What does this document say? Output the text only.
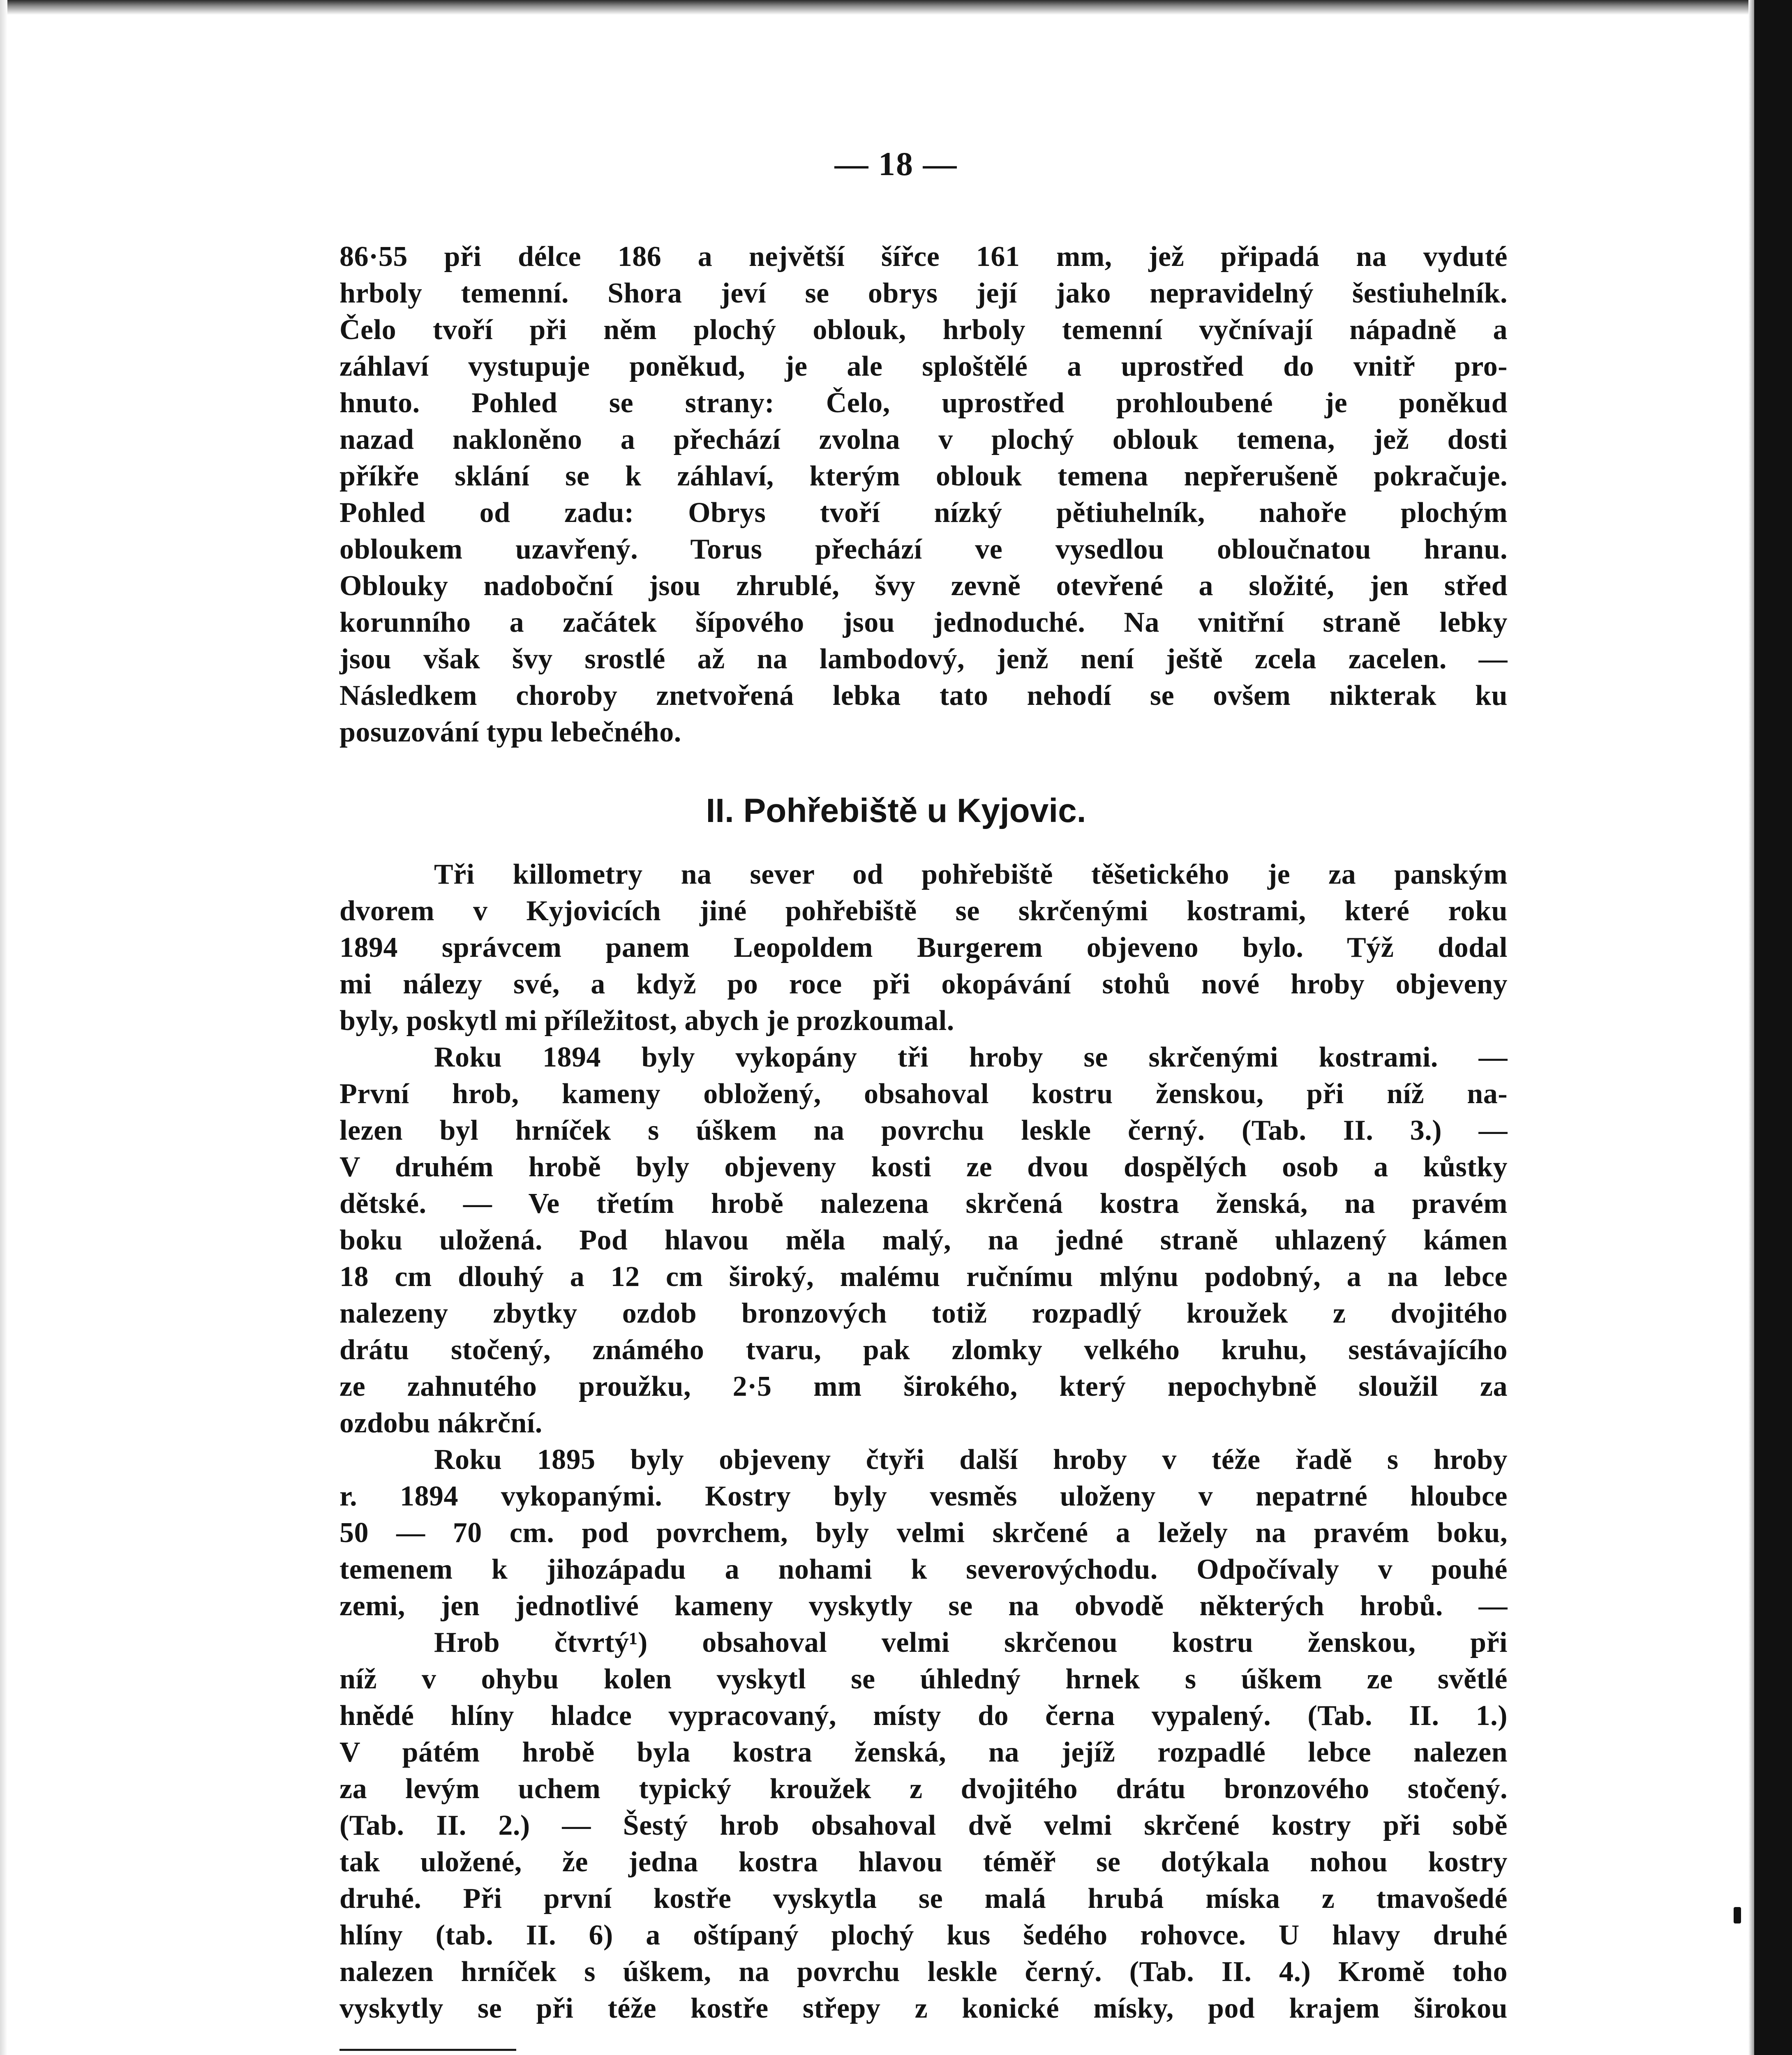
— 18 —
86·55 při délce 186 a největší šířce 161 mm, jež připadá na vyduté
hrboly temenní. Shora jeví se obrys její jako nepravidelný šestiuhelník.
Čelo tvoří při něm plochý oblouk, hrboly temenní vyčnívají nápadně a
záhlaví vystupuje poněkud, je ale sploštělé a uprostřed do vnitř pro-
hnuto. Pohled se strany: Čelo, uprostřed prohloubené je poněkud
nazad nakloněno a přechází zvolna v plochý oblouk temena, jež dosti
příkře sklání se k záhlaví, kterým oblouk temena nepřerušeně pokračuje.
Pohled od zadu: Obrys tvoří nízký pětiuhelník, nahoře plochým
obloukem uzavřený. Torus přechází ve vysedlou obloučnatou hranu.
Oblouky nadoboční jsou zhrublé, švy zevně otevřené a složité, jen střed
korunního a začátek šípového jsou jednoduché. Na vnitřní straně lebky
jsou však švy srostlé až na lambodový, jenž není ještě zcela zacelen. —
Následkem choroby znetvořená lebka tato nehodí se ovšem nikterak ku
posuzování typu lebečného.
II. Pohřebiště u Kyjovic.
Tři killometry na sever od pohřebiště těšetického je za panským
dvorem v Kyjovicích jiné pohřebiště se skrčenými kostrami, které roku
1894 správcem panem Leopoldem Burgerem objeveno bylo. Týž dodal
mi nálezy své, a když po roce při okopávání stohů nové hroby objeveny
byly, poskytl mi příležitost, abych je prozkoumal.
Roku 1894 byly vykopány tři hroby se skrčenými kostrami. —
První hrob, kameny obložený, obsahoval kostru ženskou, při níž na-
lezen byl hrníček s úškem na povrchu leskle černý. (Tab. II. 3.) —
V druhém hrobě byly objeveny kosti ze dvou dospělých osob a kůstky
dětské. — Ve třetím hrobě nalezena skrčená kostra ženská, na pravém
boku uložená. Pod hlavou měla malý, na jedné straně uhlazený kámen
18 cm dlouhý a 12 cm široký, malému ručnímu mlýnu podobný, a na lebce
nalezeny zbytky ozdob bronzových totiž rozpadlý kroužek z dvojitého
drátu stočený, známého tvaru, pak zlomky velkého kruhu, sestávajícího
ze zahnutého proužku, 2·5 mm širokého, který nepochybně sloužil za
ozdobu nákrční.
Roku 1895 byly objeveny čtyři další hroby v téže řadě s hroby
r. 1894 vykopanými. Kostry byly vesměs uloženy v nepatrné hloubce
50 — 70 cm. pod povrchem, byly velmi skrčené a ležely na pravém boku,
temenem k jihozápadu a nohami k severovýchodu. Odpočívaly v pouhé
zemi, jen jednotlivé kameny vyskytly se na obvodě některých hrobů. —
Hrob čtvrtý¹) obsahoval velmi skrčenou kostru ženskou, při
níž v ohybu kolen vyskytl se úhledný hrnek s úškem ze světlé
hnědé hlíny hladce vypracovaný, místy do černa vypalený. (Tab. II. 1.)
V pátém hrobě byla kostra ženská, na jejíž rozpadlé lebce nalezen
za levým uchem typický kroužek z dvojitého drátu bronzového stočený.
(Tab. II. 2.) — Šestý hrob obsahoval dvě velmi skrčené kostry při sobě
tak uložené, že jedna kostra hlavou téměř se dotýkala nohou kostry
druhé. Při první kostře vyskytla se malá hrubá míska z tmavošedé
hlíny (tab. II. 6) a oštípaný plochý kus šedého rohovce. U hlavy druhé
nalezen hrníček s úškem, na povrchu leskle černý. (Tab. II. 4.) Kromě toho
vyskytly se při téže kostře střepy z konické mísky, pod krajem širokou
